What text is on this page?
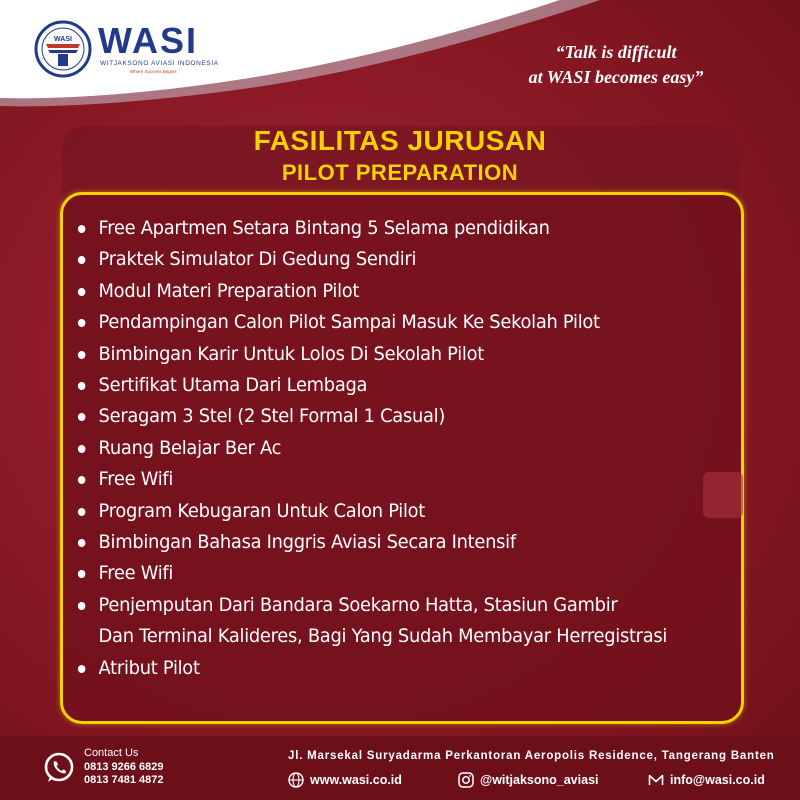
WASI WASI
WITJAKSONO AVIASI INDONESIA
Where Success Begins
“Talk is difficult
at WASI becomes easy”
FASILITAS JURUSAN
PILOT PREPARATION
Free Apartmen Setara Bintang 5 Selama pendidikan
Praktek Simulator Di Gedung Sendiri
Modul Materi Preparation Pilot
Pendampingan Calon Pilot Sampai Masuk Ke Sekolah Pilot
Bimbingan Karir Untuk Lolos Di Sekolah Pilot
Sertifikat Utama Dari Lembaga
Seragam 3 Stel (2 Stel Formal 1 Casual)
Ruang Belajar Ber Ac
Free Wifi
Program Kebugaran Untuk Calon Pilot
Bimbingan Bahasa Inggris Aviasi Secara Intensif
Free Wifi
Penjemputan Dari Bandara Soekarno Hatta, Stasiun Gambir
Dan Terminal Kalideres, Bagi Yang Sudah Membayar Herregistrasi
Atribut Pilot
Contact Us
0813 9266 6829
0813 7481 4872
Jl. Marsekal Suryadarma Perkantoran Aeropolis Residence, Tangerang Banten
www.wasi.co.id	@witjaksono_aviasi	info@wasi.co.id
